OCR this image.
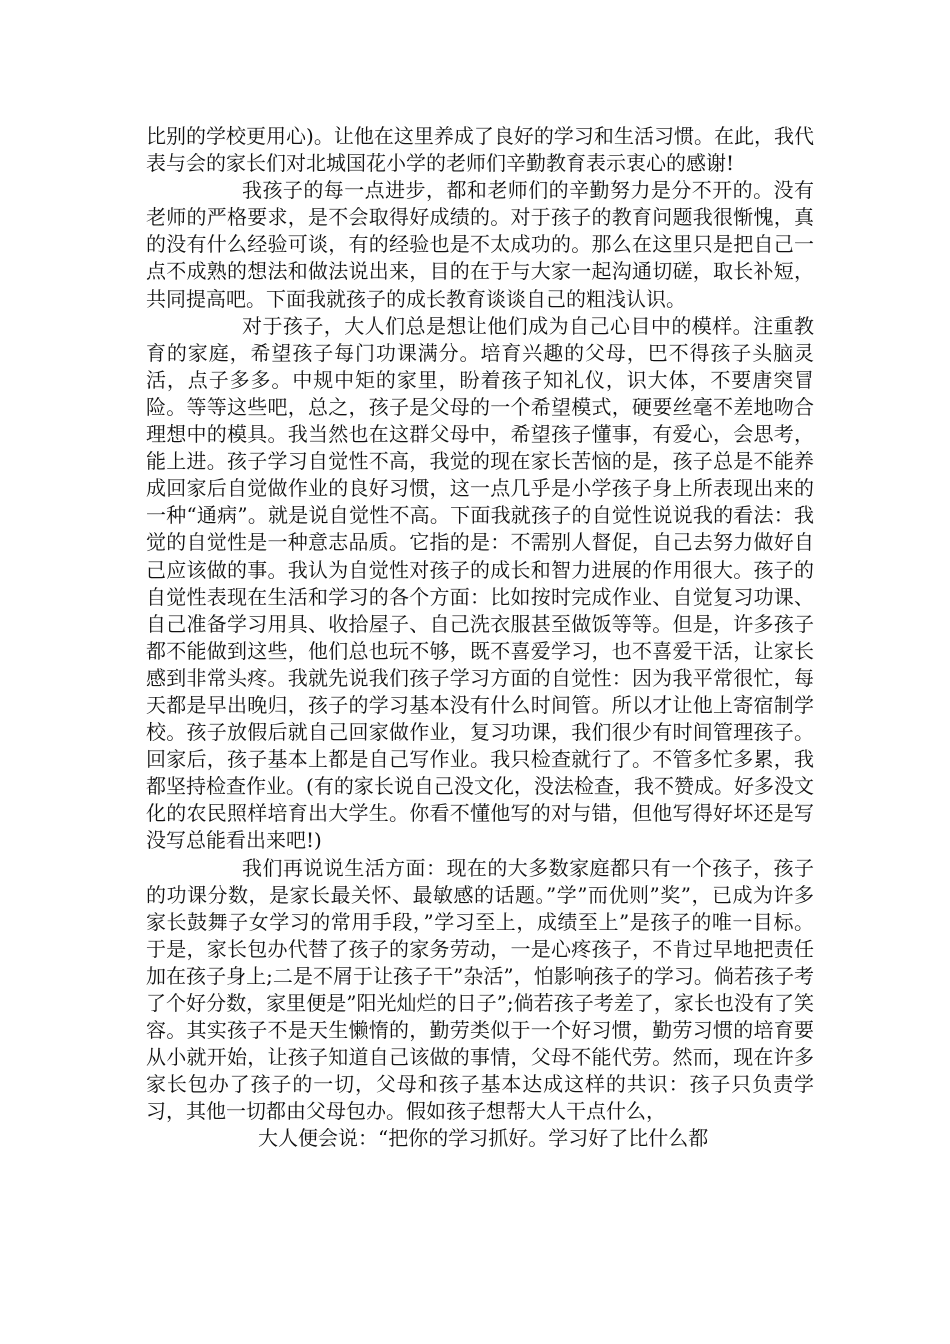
比别的学校更用心)。让他在这里养成了良好的学习和生活习惯。在此，我代表与会的家长们对北城国花小学的老师们辛勤教育表示衷心的感谢!

我孩子的每一点进步，都和老师们的辛勤努力是分不开的。没有老师的严格要求，是不会取得好成绩的。对于孩子的教育问题我很惭愧，真的没有什么经验可谈，有的经验也是不太成功的。那么在这里只是把自己一点不成熟的想法和做法说出来，目的在于与大家一起沟通切磋，取长补短，共同提高吧。下面我就孩子的成长教育谈谈自己的粗浅认识。

对于孩子，大人们总是想让他们成为自己心目中的模样。注重教育的家庭，希望孩子每门功课满分。培育兴趣的父母，巴不得孩子头脑灵活，点子多多。中规中矩的家里，盼着孩子知礼仪，识大体，不要唐突冒险。等等这些吧，总之，孩子是父母的一个希望模式，硬要丝毫不差地吻合理想中的模具。我当然也在这群父母中，希望孩子懂事，有爱心，会思考，能上进。孩子学习自觉性不高，我觉的现在家长苦恼的是，孩子总是不能养成回家后自觉做作业的良好习惯，这一点几乎是小学孩子身上所表现出来的一种“通病”。就是说自觉性不高。下面我就孩子的自觉性说说我的看法：我觉的自觉性是一种意志品质。它指的是：不需别人督促，自己去努力做好自己应该做的事。我认为自觉性对孩子的成长和智力进展的作用很大。孩子的自觉性表现在生活和学习的各个方面：比如按时完成作业、自觉复习功课、自己准备学习用具、收拾屋子、自己洗衣服甚至做饭等等。但是，许多孩子都不能做到这些，他们总也玩不够，既不喜爱学习，也不喜爱干活，让家长感到非常头疼。我就先说我们孩子学习方面的自觉性：因为我平常很忙，每天都是早出晚归，孩子的学习基本没有什么时间管。所以才让他上寄宿制学校。孩子放假后就自己回家做作业，复习功课，我们很少有时间管理孩子。回家后，孩子基本上都是自己写作业。我只检查就行了。不管多忙多累，我都坚持检查作业。(有的家长说自己没文化，没法检查，我不赞成。好多没文化的农民照样培育出大学生。你看不懂他写的对与错，但他写得好坏还是写没写总能看出来吧!)

我们再说说生活方面：现在的大多数家庭都只有一个孩子，孩子的功课分数，是家长最关怀、最敏感的话题。”学”而优则”奖”，已成为许多家长鼓舞子女学习的常用手段，”学习至上，成绩至上”是孩子的唯一目标。于是，家长包办代替了孩子的家务劳动，一是心疼孩子，不肯过早地把责任加在孩子身上;二是不屑于让孩子干”杂活”，怕影响孩子的学习。倘若孩子考了个好分数，家里便是”阳光灿烂的日子”;倘若孩子考差了，家长也没有了笑容。其实孩子不是天生懒惰的，勤劳类似于一个好习惯，勤劳习惯的培育要从小就开始，让孩子知道自己该做的事情，父母不能代劳。然而，现在许多家长包办了孩子的一切，父母和孩子基本达成这样的共识：孩子只负责学习，其他一切都由父母包办。假如孩子想帮大人干点什么，

大人便会说：“把你的学习抓好。学习好了比什么都
